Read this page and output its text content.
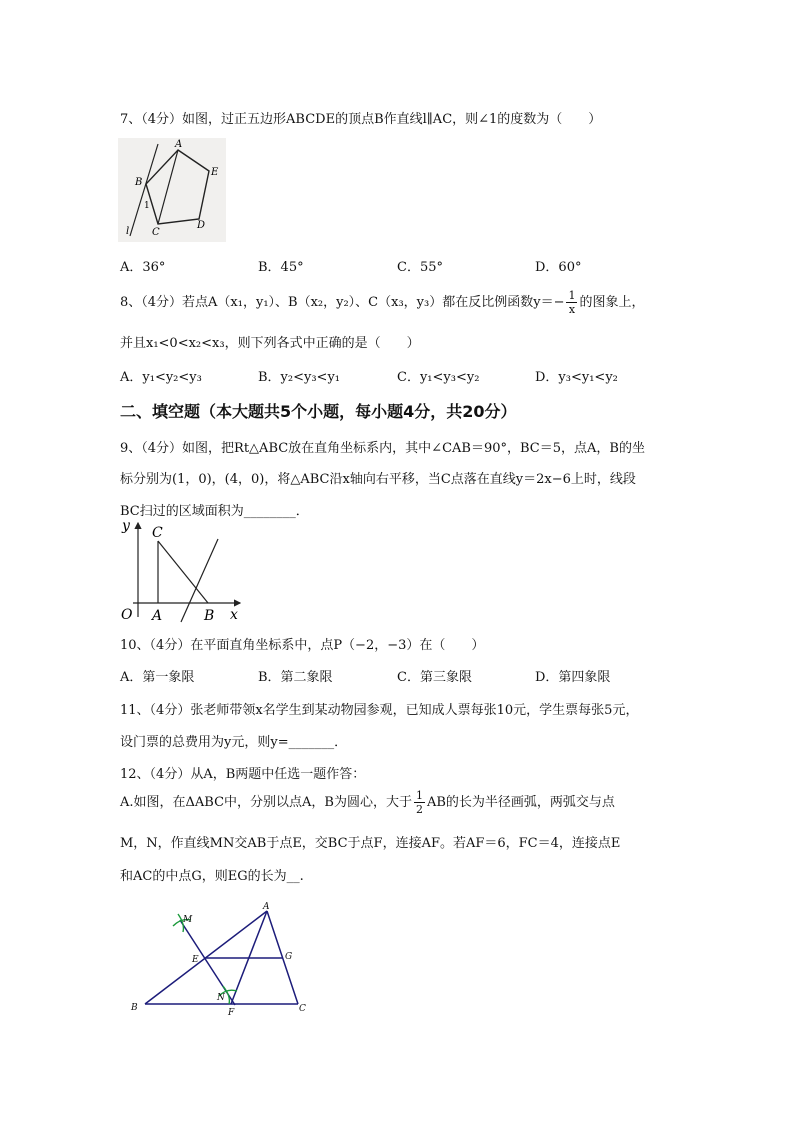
7、（4分）如图，过正五边形ABCDE的顶点B作直线l∥AC，则∠1的度数为（　　）
A
B
C
D
E
1
l
A．36°	B．45°	C．55°	D．60°
8、（4分）若点A（x₁，y₁）、B（x₂，y₂）、C（x₃，y₃）都在反比例函数$y=- \frac{1}{x}$ 的图象上，
并且x₁<0<x₂<x₃，则下列各式中正确的是（　　）
A．y₁<y₂<y₃	B．y₂<y₃<y₁	C．y₁<y₃<y₂	D．y₃<y₁<y₂
二、填空题（本大题共5个小题，每小题4分，共20分）
9、（4分）如图，把Rt△ABC放在直角坐标系内，其中∠CAB＝90°，BC＝5，点A，B的坐
标分别为(1，0)，(4，0)，将△ABC沿x轴向右平移，当C点落在直线y＝2x−6上时，线段
BC扫过的区域面积为________．
y C
O A	B x
10、（4分）在平面直角坐标系中，点P（−2，−3）在（　　）
A．第一象限	B．第二象限	C．第三象限	D．第四象限
11、（4分）张老师带领x名学生到某动物园参观，已知成人票每张10元，学生票每张5元，
设门票的总费用为y元，则y=_______．
12、（4分）从A，B两题中任选一题作答：
A.如图，在ΔABC中，分别以点A，B为圆心，大于 $\frac{1}{2}$ AB的长为半径画弧，两弧交与点
M，N，作直线MN交AB于点E，交BC于点F，连接AF。若AF＝6，FC＝4，连接点E
和AC的中点G，则EG的长为__.
M
A
E	G
N
B	F	C
